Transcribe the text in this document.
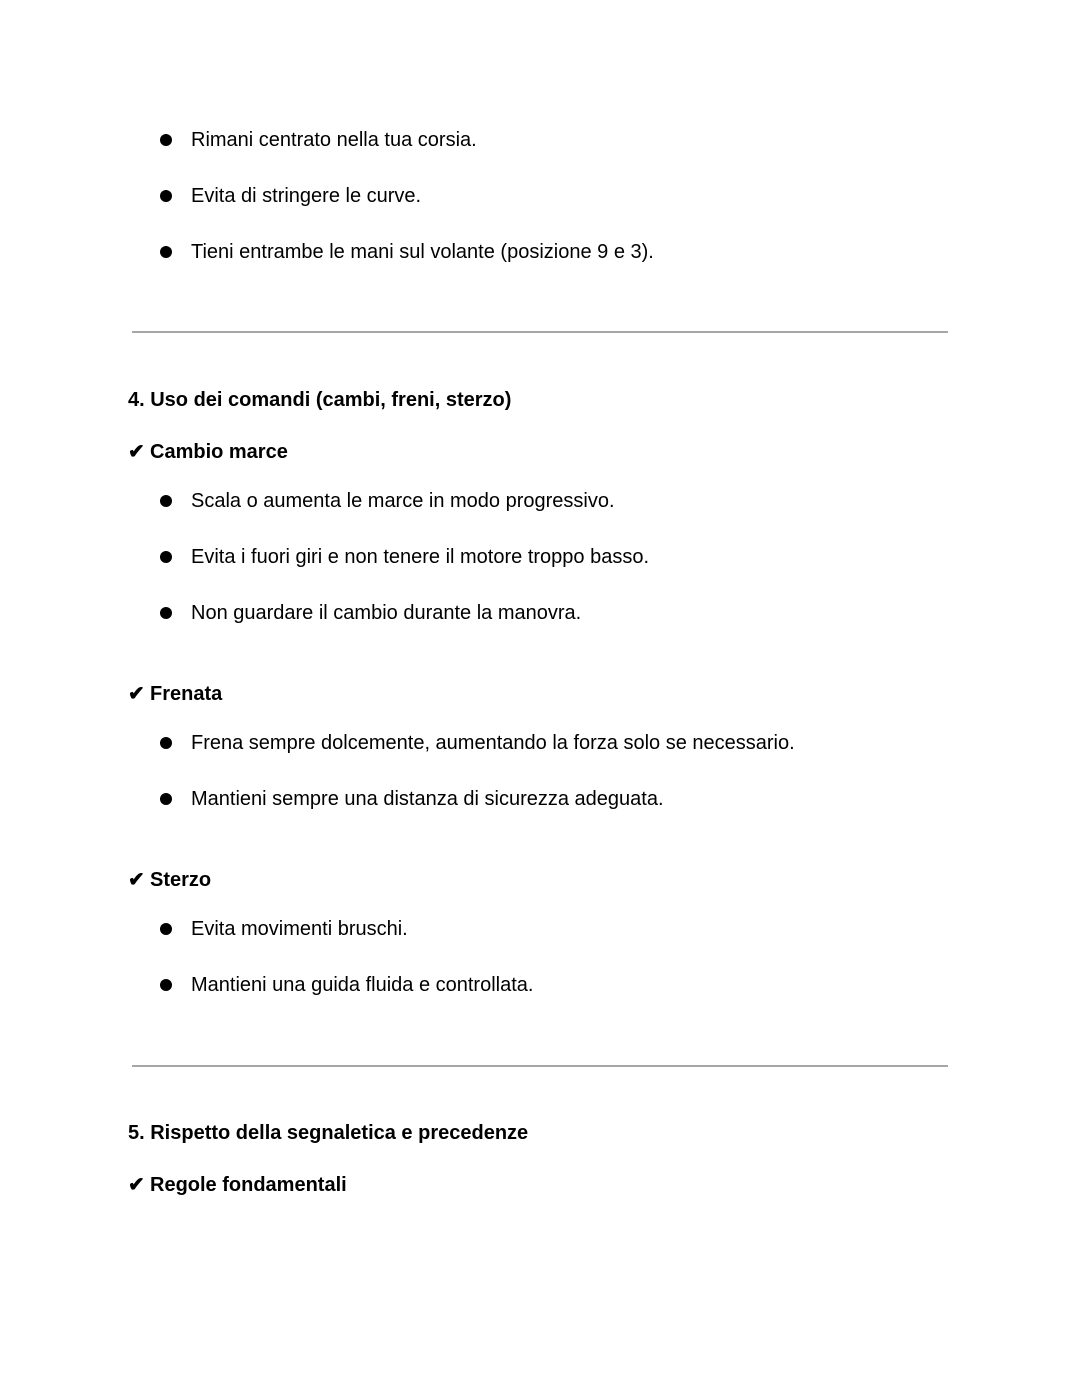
Rimani centrato nella tua corsia.
Evita di stringere le curve.
Tieni entrambe le mani sul volante (posizione 9 e 3).
4. Uso dei comandi (cambi, freni, sterzo)
✔ Cambio marce
Scala o aumenta le marce in modo progressivo.
Evita i fuori giri e non tenere il motore troppo basso.
Non guardare il cambio durante la manovra.
✔ Frenata
Frena sempre dolcemente, aumentando la forza solo se necessario.
Mantieni sempre una distanza di sicurezza adeguata.
✔ Sterzo
Evita movimenti bruschi.
Mantieni una guida fluida e controllata.
5. Rispetto della segnaletica e precedenze
✔ Regole fondamentali
